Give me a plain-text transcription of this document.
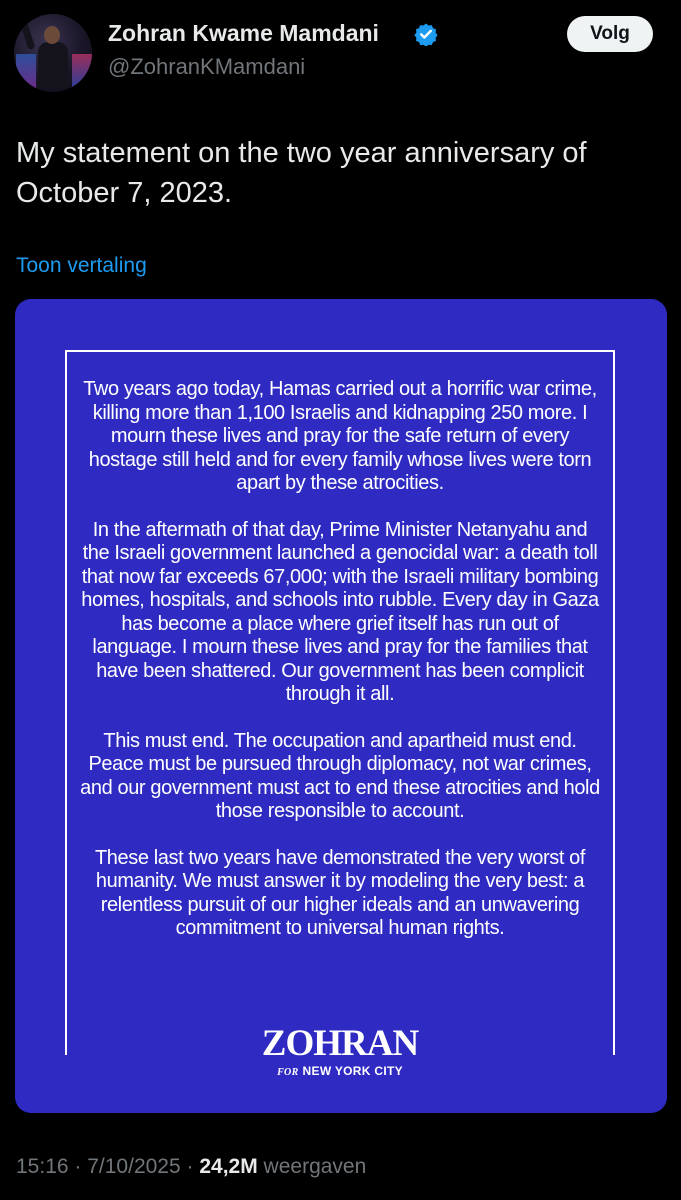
Zohran Kwame Mamdani
@ZohranKMamdani
Volg
My statement on the two year anniversary of October 7, 2023.
Toon vertaling

Two years ago today, Hamas carried out a horrific war crime, killing more than 1,100 Israelis and kidnapping 250 more. I mourn these lives and pray for the safe return of every hostage still held and for every family whose lives were torn apart by these atrocities.

In the aftermath of that day, Prime Minister Netanyahu and the Israeli government launched a genocidal war: a death toll that now far exceeds 67,000; with the Israeli military bombing homes, hospitals, and schools into rubble. Every day in Gaza has become a place where grief itself has run out of language. I mourn these lives and pray for the families that have been shattered. Our government has been complicit through it all.

This must end. The occupation and apartheid must end. Peace must be pursued through diplomacy, not war crimes, and our government must act to end these atrocities and hold those responsible to account.

These last two years have demonstrated the very worst of humanity. We must answer it by modeling the very best: a relentless pursuit of our higher ideals and an unwavering commitment to universal human rights.

ZOHRAN
FOR NEW YORK CITY
15:16 · 7/10/2025 · 24,2M weergaven
